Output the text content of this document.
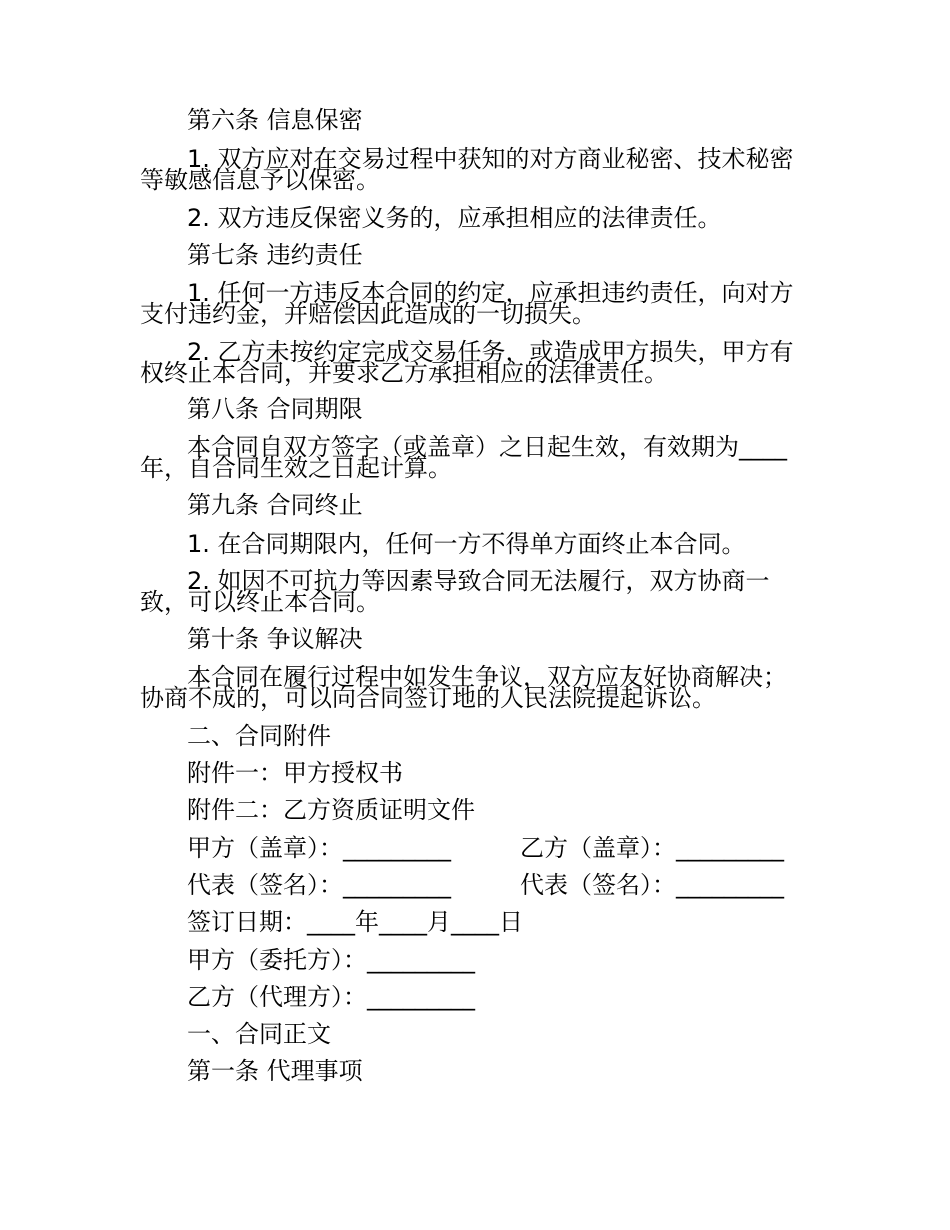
第六条 信息保密
1. 双方应对在交易过程中获知的对方商业秘密、技术秘密
等敏感信息予以保密。
2. 双方违反保密义务的，应承担相应的法律责任。
第七条 违约责任
1. 任何一方违反本合同的约定，应承担违约责任，向对方
支付违约金，并赔偿因此造成的一切损失。
2. 乙方未按约定完成交易任务，或造成甲方损失，甲方有
权终止本合同，并要求乙方承担相应的法律责任。
第八条 合同期限
本合同自双方签字（或盖章）之日起生效，有效期为____
年，自合同生效之日起计算。
第九条 合同终止
1. 在合同期限内，任何一方不得单方面终止本合同。
2. 如因不可抗力等因素导致合同无法履行，双方协商一
致，可以终止本合同。
第十条 争议解决
本合同在履行过程中如发生争议，双方应友好协商解决；
协商不成的，可以向合同签订地的人民法院提起诉讼。
二、合同附件
附件一：甲方授权书
附件二：乙方资质证明文件
甲方（盖章）：_________	乙方（盖章）：_________
代表（签名）：_________	代表（签名）：_________
签订日期：____年____月____日
甲方（委托方）：_________
乙方（代理方）：_________
一、合同正文
第一条 代理事项
